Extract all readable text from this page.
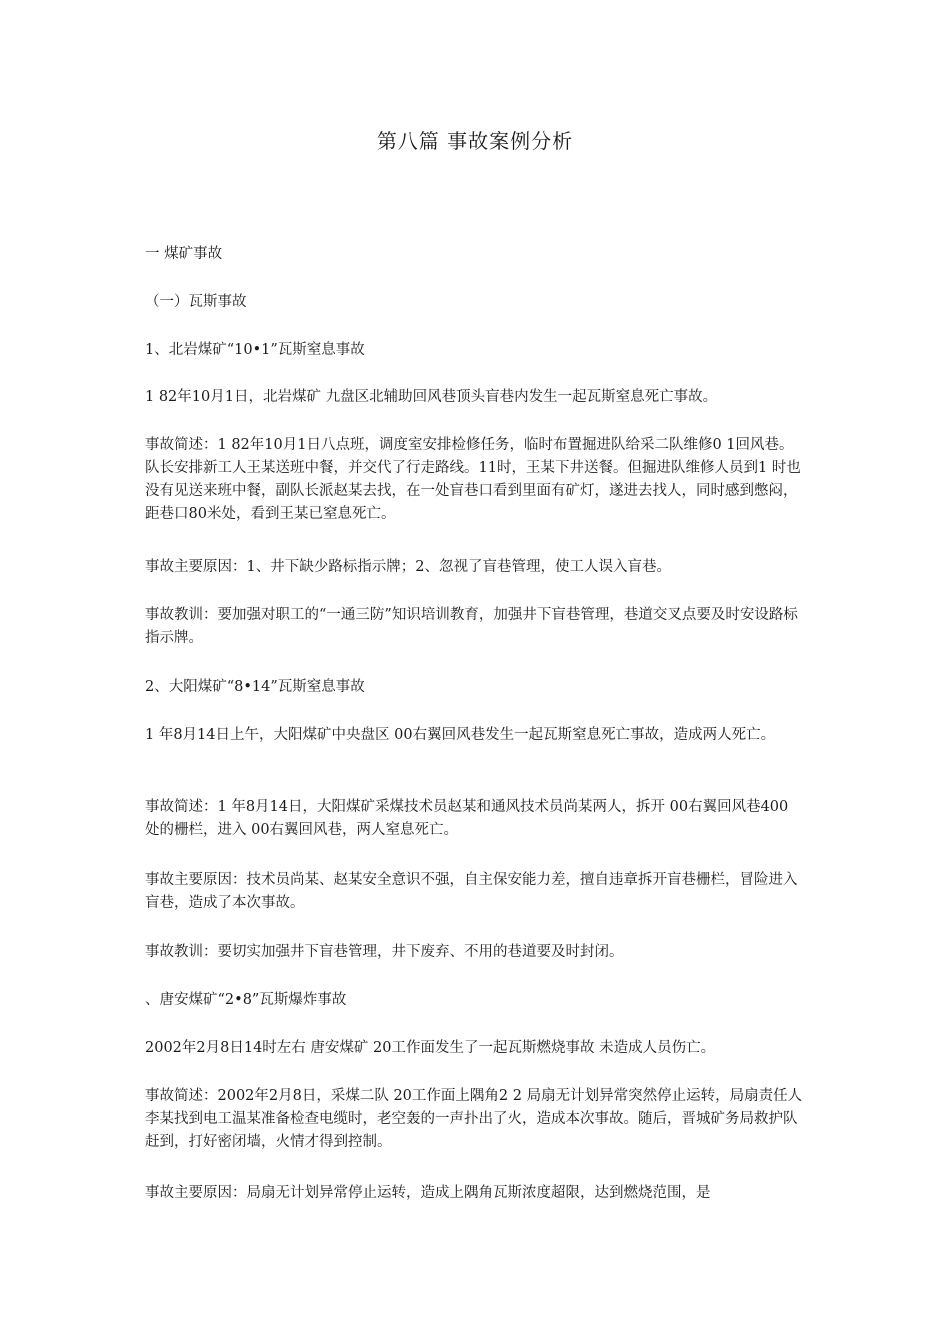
第八篇 事故案例分析

一 煤矿事故

（一）瓦斯事故

1、北岩煤矿“10•1”瓦斯窒息事故

1 82年10月1日，北岩煤矿 九盘区北辅助回风巷顶头盲巷内发生一起瓦斯窒息死亡事故。

事故简述：1 82年10月1日八点班，调度室安排检修任务，临时布置掘进队给采二队维修0 1回风巷。队长安排新工人王某送班中餐，并交代了行走路线。11时，王某下井送餐。但掘进队维修人员到1 时也没有见送来班中餐，副队长派赵某去找，在一处盲巷口看到里面有矿灯，遂进去找人，同时感到憋闷，距巷口80米处，看到王某已窒息死亡。

事故主要原因：1、井下缺少路标指示牌；2、忽视了盲巷管理，使工人误入盲巷。

事故教训：要加强对职工的“一通三防”知识培训教育，加强井下盲巷管理，巷道交叉点要及时安设路标指示牌。

2、大阳煤矿“8•14”瓦斯窒息事故

1 年8月14日上午，大阳煤矿中央盘区 00右翼回风巷发生一起瓦斯窒息死亡事故，造成两人死亡。

事故简述：1 年8月14日，大阳煤矿采煤技术员赵某和通风技术员尚某两人，拆开 00右翼回风巷400 处的栅栏，进入 00右翼回风巷，两人窒息死亡。

事故主要原因：技术员尚某、赵某安全意识不强，自主保安能力差，擅自违章拆开盲巷栅栏，冒险进入盲巷，造成了本次事故。

事故教训：要切实加强井下盲巷管理，井下废弃、不用的巷道要及时封闭。

、唐安煤矿“2•8”瓦斯爆炸事故

2002年2月8日14时左右 唐安煤矿 20工作面发生了一起瓦斯燃烧事故 未造成人员伤亡。

事故简述：2002年2月8日，采煤二队 20工作面上隅角2 2 局扇无计划异常突然停止运转，局扇责任人李某找到电工温某准备检查电缆时，老空轰的一声扑出了火，造成本次事故。随后，晋城矿务局救护队赶到，打好密闭墙，火情才得到控制。

事故主要原因：局扇无计划异常停止运转，造成上隅角瓦斯浓度超限，达到燃烧范围，是
